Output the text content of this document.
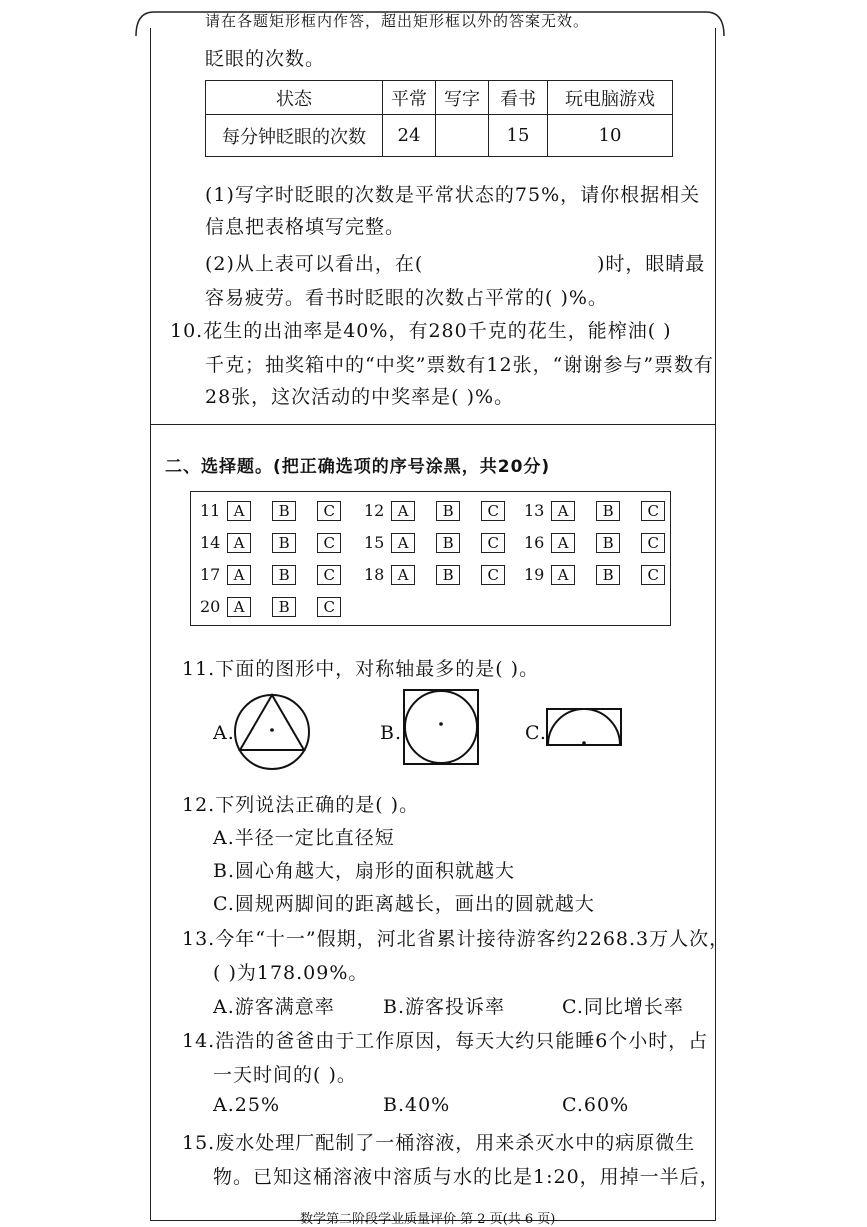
请在各题矩形框内作答，超出矩形框以外的答案无效。
眨眼的次数。
状态	平常	写字	看书	玩电脑游戏
每分钟眨眼的次数	24		15	10
(1)写字时眨眼的次数是平常状态的75%，请你根据相关
信息把表格填写完整。
(2)从上表可以看出，在(	)时，眼睛最
容易疲劳。看书时眨眼的次数占平常的( )%。
10.花生的出油率是40%，有280千克的花生，能榨油( )
千克；抽奖箱中的“中奖”票数有12张，“谢谢参与”票数有
28张，这次活动的中奖率是( )%。
二、选择题。(把正确选项的序号涂黑，共20分)
11 A B C	12 A B C	13 A B C
14 A B C	15 A B C	16 A B C
17 A B C	18 A B C	19 A B C
20 A B C
11.下面的图形中，对称轴最多的是( )。
A.	B.	C.
12.下列说法正确的是( )。
A.半径一定比直径短
B.圆心角越大，扇形的面积就越大
C.圆规两脚间的距离越长，画出的圆就越大
13.今年“十一”假期，河北省累计接待游客约2268.3万人次，
( )为178.09%。
A.游客满意率	B.游客投诉率	C.同比增长率
14.浩浩的爸爸由于工作原因，每天大约只能睡6个小时，占
一天时间的( )。
A.25%	B.40%	C.60%
15.废水处理厂配制了一桶溶液，用来杀灭水中的病原微生
物。已知这桶溶液中溶质与水的比是1:20，用掉一半后，
数学第二阶段学业质量评价 第 2 页(共 6 页)
